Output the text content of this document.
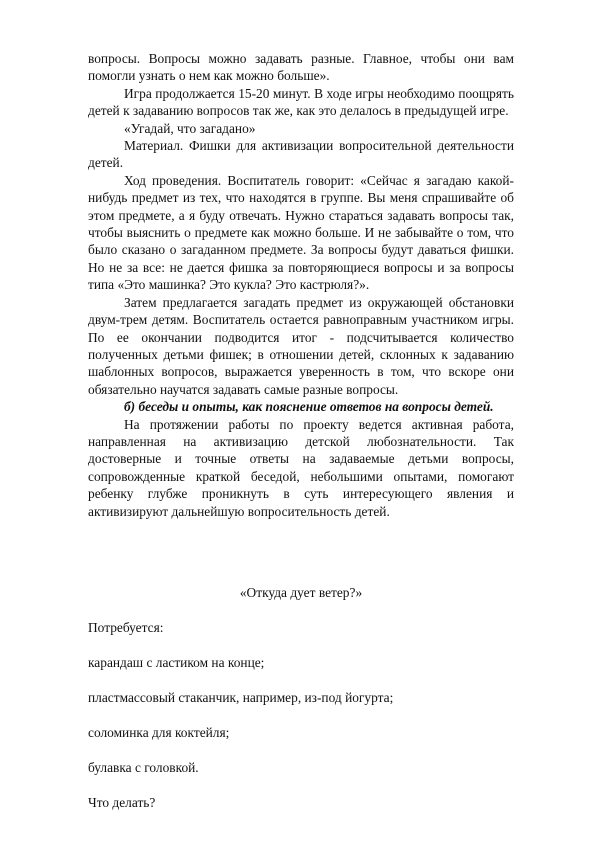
вопросы. Вопросы можно задавать разные. Главное, чтобы они вам помогли узнать о нем как можно больше».

Игра продолжается 15-20 минут. В ходе игры необходимо поощрять детей к задаванию вопросов так же, как это делалось в предыдущей игре.

«Угадай, что загадано»

Материал. Фишки для активизации вопросительной деятельности детей.

Ход проведения. Воспитатель говорит: «Сейчас я загадаю какой-нибудь предмет из тех, что находятся в группе. Вы меня спрашивайте об этом предмете, а я буду отвечать. Нужно стараться задавать вопросы так, чтобы выяснить о предмете как можно больше. И не забывайте о том, что было сказано о загаданном предмете. За вопросы будут даваться фишки. Но не за все: не дается фишка за повторяющиеся вопросы и за вопросы типа «Это машинка? Это кукла? Это кастрюля?».

Затем предлагается загадать предмет из окружающей обстановки двум-трем детям. Воспитатель остается равноправным участником игры. По ее окончании подводится итог - подсчитывается количество полученных детьми фишек; в отношении детей, склонных к задаванию шаблонных вопросов, выражается уверенность в том, что вскоре они обязательно научатся задавать самые разные вопросы.

б) беседы и опыты, как пояснение ответов на вопросы детей.

На протяжении работы по проекту ведется активная работа, направленная на активизацию детской любознательности. Так достоверные и точные ответы на задаваемые детьми вопросы, сопровожденные краткой беседой, небольшими опытами, помогают ребенку глубже проникнуть в суть интересующего явления и активизируют дальнейшую вопросительность детей.

«Откуда дует ветер?»

Потребуется:

карандаш с ластиком на конце;

пластмассовый стаканчик, например, из-под йогурта;

соломинка для коктейля;

булавка с головкой.

Что делать?
